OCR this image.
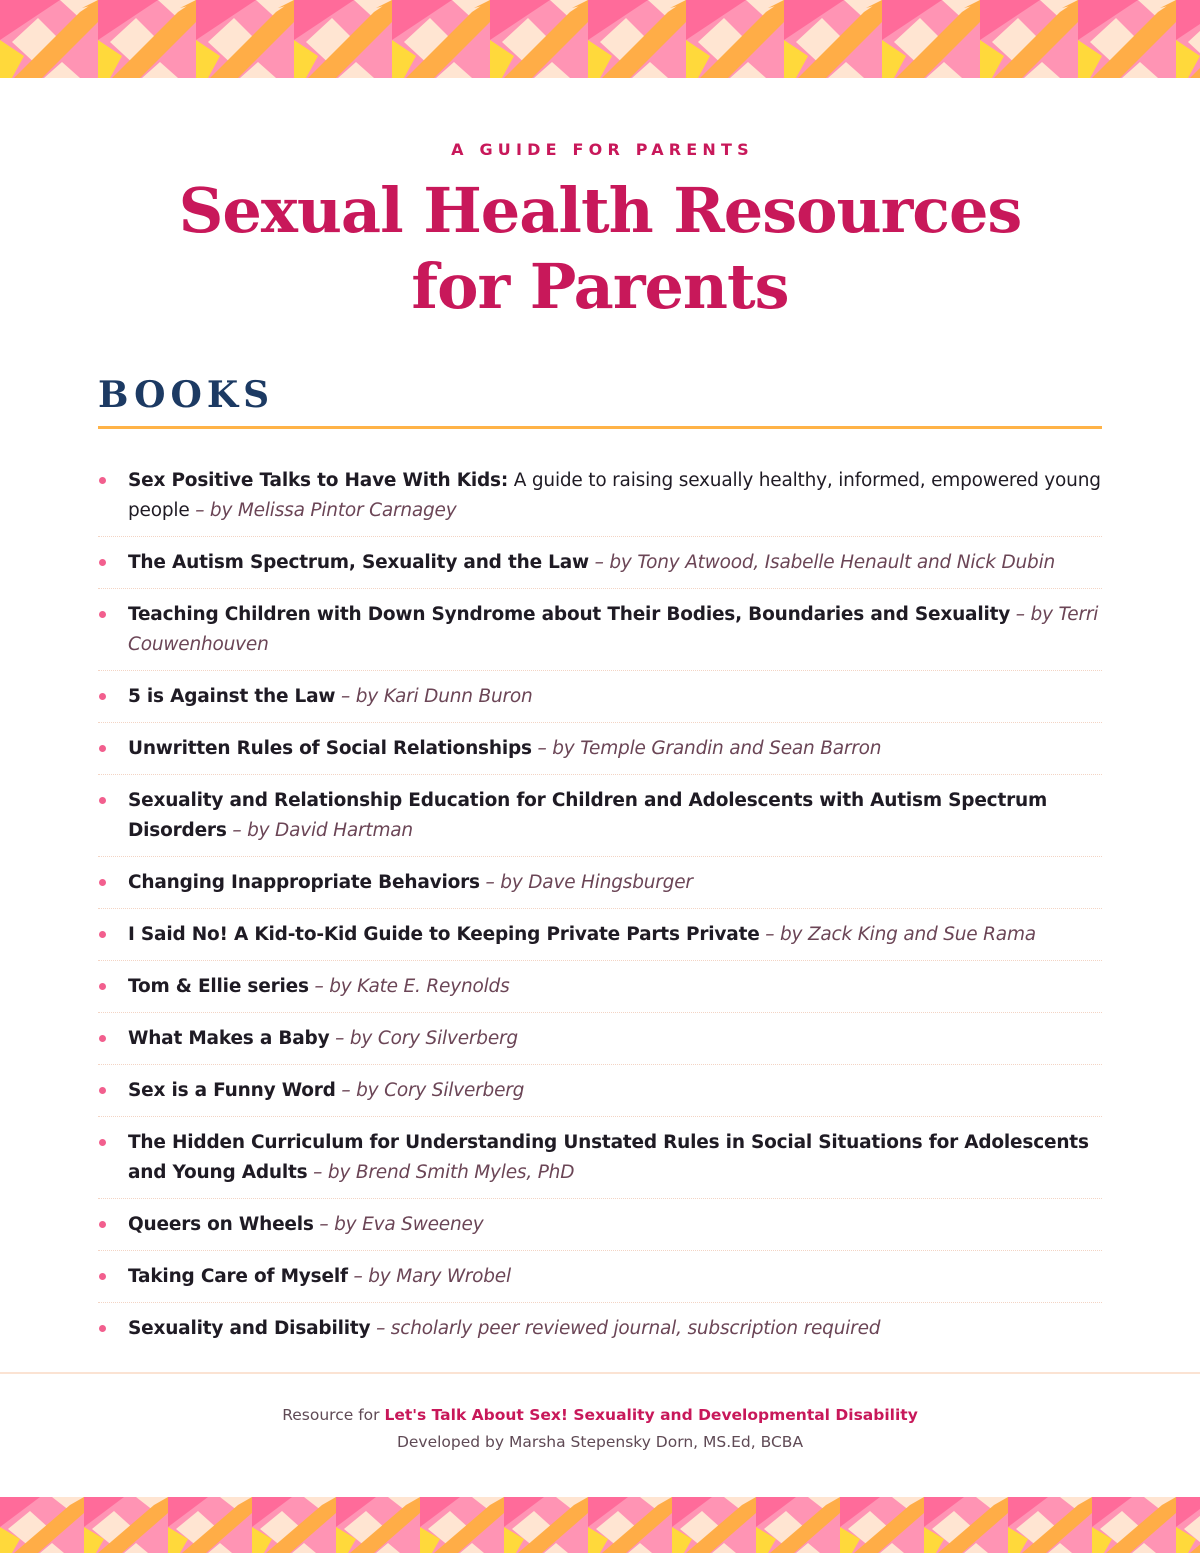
A GUIDE FOR PARENTS

Sexual Health Resources for Parents
BOOKS
Sex Positive Talks to Have With Kids: A guide to raising sexually healthy, informed, empowered young people – by Melissa Pintor Carnagey
The Autism Spectrum, Sexuality and the Law – by Tony Atwood, Isabelle Henault and Nick Dubin
Teaching Children with Down Syndrome about Their Bodies, Boundaries and Sexuality – by Terri Couwenhouven
5 is Against the Law – by Kari Dunn Buron
Unwritten Rules of Social Relationships – by Temple Grandin and Sean Barron
Sexuality and Relationship Education for Children and Adolescents with Autism Spectrum Disorders – by David Hartman
Changing Inappropriate Behaviors – by Dave Hingsburger
I Said No! A Kid-to-Kid Guide to Keeping Private Parts Private – by Zack King and Sue Rama
Tom & Ellie series – by Kate E. Reynolds
What Makes a Baby – by Cory Silverberg
Sex is a Funny Word – by Cory Silverberg
The Hidden Curriculum for Understanding Unstated Rules in Social Situations for Adolescents and Young Adults – by Brend Smith Myles, PhD
Queers on Wheels – by Eva Sweeney
Taking Care of Myself – by Mary Wrobel
Sexuality and Disability – scholarly peer reviewed journal, subscription required

Resource for Let's Talk About Sex! Sexuality and Developmental Disability

Developed by Marsha Stepensky Dorn, MS.Ed, BCBA
